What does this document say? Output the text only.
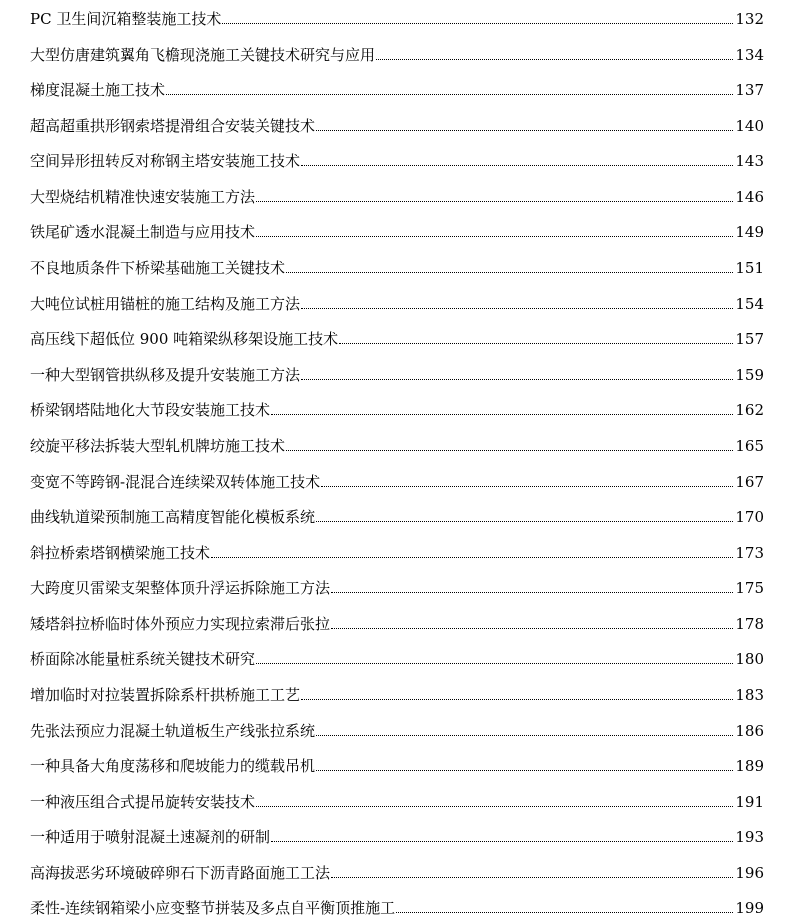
PC 卫生间沉箱整装施工技术	132
大型仿唐建筑翼角飞檐现浇施工关键技术研究与应用	134
梯度混凝土施工技术	137
超高超重拱形钢索塔提滑组合安装关键技术	140
空间异形扭转反对称钢主塔安装施工技术	143
大型烧结机精准快速安装施工方法	146
铁尾矿透水混凝土制造与应用技术	149
不良地质条件下桥梁基础施工关键技术	151
大吨位试桩用锚桩的施工结构及施工方法	154
高压线下超低位 900 吨箱梁纵移架设施工技术	157
一种大型钢管拱纵移及提升安装施工方法	159
桥梁钢塔陆地化大节段安装施工技术	162
绞旋平移法拆装大型轧机牌坊施工技术	165
变宽不等跨钢-混混合连续梁双转体施工技术	167
曲线轨道梁预制施工高精度智能化模板系统	170
斜拉桥索塔钢横梁施工技术	173
大跨度贝雷梁支架整体顶升浮运拆除施工方法	175
矮塔斜拉桥临时体外预应力实现拉索滞后张拉	178
桥面除冰能量桩系统关键技术研究	180
增加临时对拉装置拆除系杆拱桥施工工艺	183
先张法预应力混凝土轨道板生产线张拉系统	186
一种具备大角度荡移和爬坡能力的缆载吊机	189
一种液压组合式提吊旋转安装技术	191
一种适用于喷射混凝土速凝剂的研制	193
高海拔恶劣环境破碎卵石下沥青路面施工工法	196
柔性-连续钢箱梁小应变整节拼装及多点自平衡顶推施工	199
